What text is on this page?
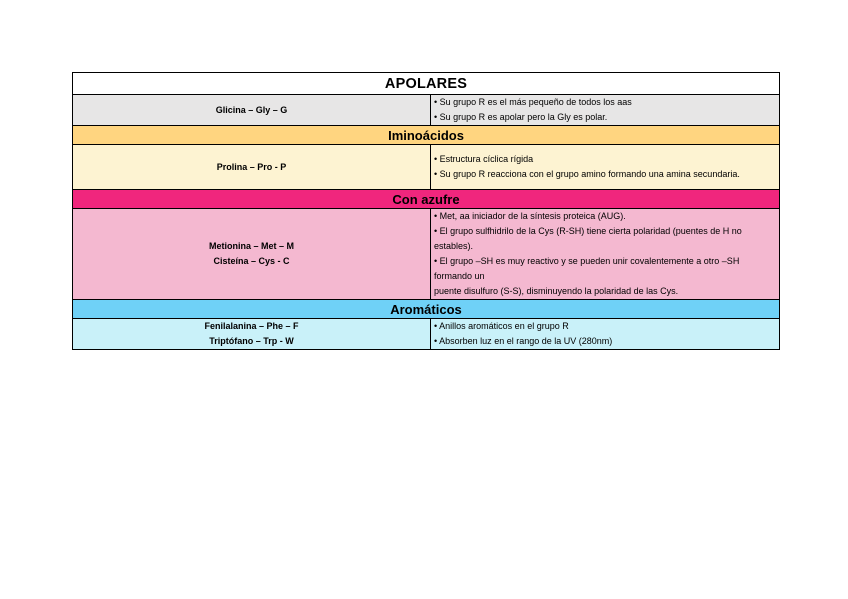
APOLARES	

Glicina – Gly – G	• Su grupo R es el más pequeño de todos los aas
• Su grupo R es apolar pero la Gly es polar.

Iminoácidos	

Prolina – Pro - P	• Estructura cíclica rígida
• Su grupo R reacciona con el grupo amino formando una amina secundaria.

Con azufre	

Metionina – Met – M
Cisteína – Cys - C	• Met, aa iniciador de la síntesis proteica (AUG).
• El grupo sulfhidrilo de la Cys (R-SH) tiene cierta polaridad (puentes de H no estables).
• El grupo –SH es muy reactivo y se pueden unir covalentemente a otro –SH formando un
puente disulfuro (S-S), disminuyendo la polaridad de las Cys.

Aromáticos	

Fenilalanina – Phe – F
Triptófano – Trp - W	• Anillos aromáticos en el grupo R
• Absorben luz en el rango de la UV (280nm)
